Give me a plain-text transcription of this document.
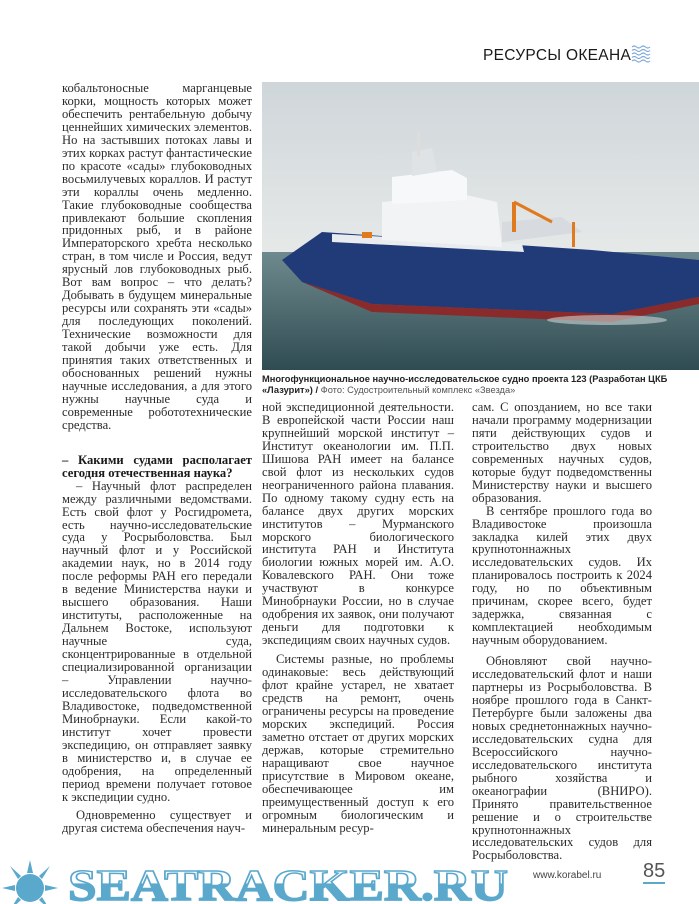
РЕСУРСЫ ОКЕАНА

кобальтоносные марганцевые корки, мощность которых может обеспечить рентабельную добычу ценнейших химических элементов. Но на застывших потоках лавы и этих корках растут фантастические по красоте «сады» глубоководных восьмилучевых кораллов. И растут эти кораллы очень медленно. Такие глубоководные сообщества привлекают большие скопления придонных рыб, и в районе Императорского хребта несколько стран, в том числе и Россия, ведут ярусный лов глубоководных рыб. Вот вам вопрос – что делать? Добывать в будущем минеральные ресурсы или сохранять эти «сады» для последующих поколений. Технические возможности для такой добычи уже есть. Для принятия таких ответственных и обоснованных решений нужны научные исследования, а для этого нужны научные суда и современные робототехнические средства.

– Какими судами располагает сегодня отечественная наука?

– Научный флот распределен между различными ведомствами. Есть свой флот у Росгидромета, есть научно-исследовательские суда у Росрыболовства. Был научный флот и у Российской академии наук, но в 2014 году после реформы РАН его передали в ведение Министерства науки и высшего образования. Наши институты, расположенные на Дальнем Востоке, используют научные суда, сконцентрированные в отдельной специализированной организации – Управлении научно-исследовательского флота во Владивостоке, подведомственной Минобрнауки. Если какой-то институт хочет провести экспедицию, он отправляет заявку в министерство и, в случае ее одобрения, на определенный период времени получает готовое к экспедиции судно.

Одновременно существует и другая система обеспечения науч-

Многофункциональное научно-исследовательское судно проекта 123 (Разработан ЦКБ «Лазурит») / Фото: Судостроительный комплекс «Звезда»

ной экспедиционной деятельности. В европейской части России наш крупнейший морской институт – Институт океанологии им. П.П. Шишова РАН имеет на балансе свой флот из нескольких судов неограниченного района плавания. По одному такому судну есть на балансе двух других морских институтов – Мурманского морского биологического института РАН и Института биологии южных морей им. А.О. Ковалевского РАН. Они тоже участвуют в конкурсе Минобрнауки России, но в случае одобрения их заявок, они получают деньги для подготовки к экспедициям своих научных судов.

Системы разные, но проблемы одинаковые: весь действующий флот крайне устарел, не хватает средств на ремонт, очень ограничены ресурсы на проведение морских экспедиций. Россия заметно отстает от других морских держав, которые стремительно наращивают свое научное присутствие в Мировом океане, обеспечивающее им преимущественный доступ к его огромным биологическим и минеральным ресур-

сам. С опозданием, но все таки начали программу модернизации пяти действующих судов и строительство двух новых современных научных судов, которые будут подведомственны Министерству науки и высшего образования.

В сентябре прошлого года во Владивостоке произошла закладка килей этих двух крупнотоннажных исследовательских судов. Их планировалось построить к 2024 году, но по объективным причинам, скорее всего, будет задержка, связанная с комплектацией необходимым научным оборудованием.

Обновляют свой научно-исследовательский флот и наши партнеры из Росрыболовства. В ноябре прошлого года в Санкт-Петербурге были заложены два новых среднетоннажных научно-исследовательских судна для Всероссийского научно-исследовательского института рыбного хозяйства и океанографии (ВНИРО). Принято правительственное решение и о строительстве крупнотоннажных исследовательских судов для Росрыболовства.

www.korabel.ru 85
SEATRACKER.RU
